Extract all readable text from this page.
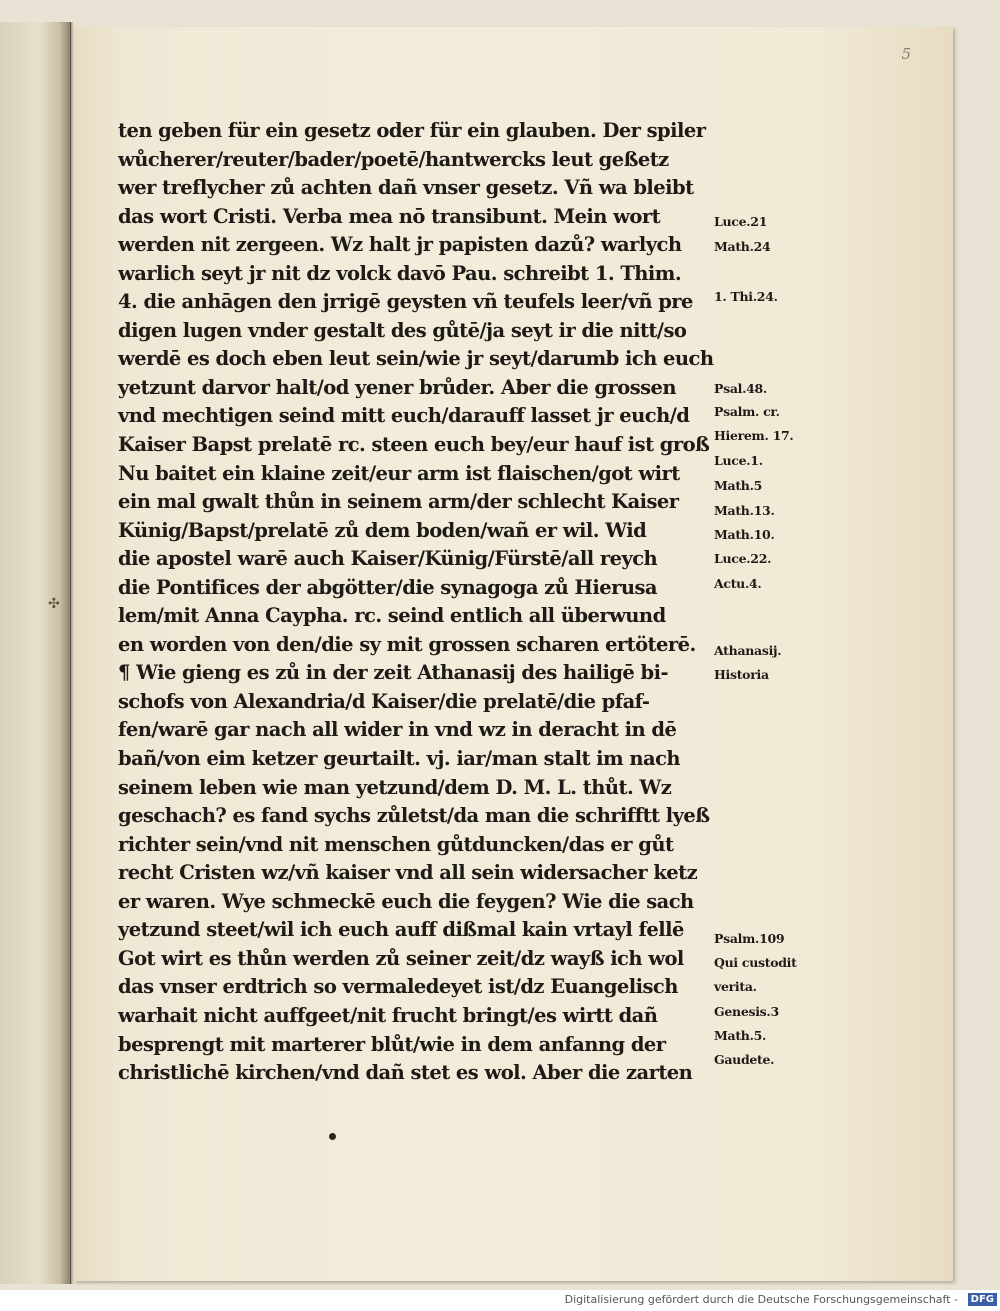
✣
5
ten geben für ein gesetz oder für ein glauben. Der spiler
wůcherer/reuter/bader/poetē/hantwercks leut geßetz
wer treflycher zů achten dañ vnser gesetz. Vñ wa bleibt
das wort Cristi. Verba mea nō transibunt. Mein wort
werden nit zergeen. Wz halt jr papisten dazů? warlych
warlich seyt jr nit dz volck davō Pau. schreibt 1. Thim.
4. die anhāgen den jrrigē geysten vñ teufels leer/vñ pre
digen lugen vnder gestalt des gůtē/ja seyt ir die nitt/so
werdē es doch eben leut sein/wie jr seyt/darumb ich euch
yetzunt darvor halt/od yener brůder. Aber die grossen
vnd mechtigen seind mitt euch/darauff lasset jr euch/d
Kaiser Bapst prelatē rc. steen euch bey/eur hauf ist groß
Nu baitet ein klaine zeit/eur arm ist flaischen/got wirt
ein mal gwalt thůn in seinem arm/der schlecht Kaiser
Künig/Bapst/prelatē zů dem boden/wañ er wil. Wid
die apostel warē auch Kaiser/Künig/Fürstē/all reych
die Pontifices der abgötter/die synagoga zů Hierusa
lem/mit Anna Caypha. rc. seind entlich all überwund
en worden von den/die sy mit grossen scharen ertöterē.
¶ Wie gieng es zů in der zeit Athanasij des hailigē bi-
schofs von Alexandria/d Kaiser/die prelatē/die pfaf-
fen/warē gar nach all wider in vnd wz in deracht in dē
bañ/von eim ketzer geurtailt. vj. iar/man stalt im nach
seinem leben wie man yetzund/dem D. M. L. thůt. Wz
geschach? es fand sychs zůletst/da man die schrifftt lyeß
richter sein/vnd nit menschen gůtduncken/das er gůt
recht Cristen wz/vñ kaiser vnd all sein widersacher ketz
er waren. Wye schmeckē euch die feygen? Wie die sach
yetzund steet/wil ich euch auff dißmal kain vrtayl fellē
Got wirt es thůn werden zů seiner zeit/dz wayß ich wol
das vnser erdtrich so vermaledeyet ist/dz Euangelisch
warhait nicht auffgeet/nit frucht bringt/es wirtt dañ
besprengt mit marterer blůt/wie in dem anfanng der
christlichē kirchen/vnd dañ stet es wol. Aber die zarten
Luce.21
Math.24
1. Thi.24.
Psal.48.
Psalm. cr.
Hierem. 17.
Luce.1.
Math.5
Math.13.
Math.10.
Luce.22.
Actu.4.
Athanasij.
Historia
Psalm.109
Qui custodit
verita.
Genesis.3
Math.5.
Gaudete.
Digitalisierung gefördert durch die Deutsche Forschungsgemeinschaft -	DFG
